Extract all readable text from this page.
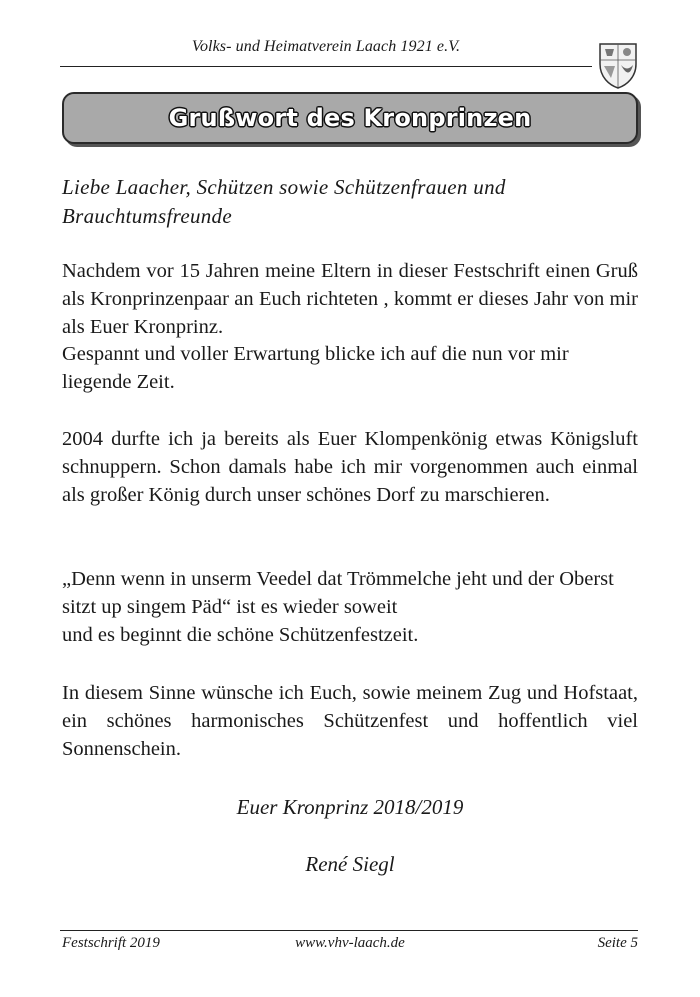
Volks- und Heimatverein Laach 1921 e.V.
Grußwort des Kronprinzen
Liebe Laacher, Schützen sowie Schützenfrauen und Brauchtumsfreunde
Nachdem vor 15 Jahren meine Eltern in dieser Festschrift einen Gruß als Kronprinzenpaar an Euch richteten , kommt er dieses Jahr von mir als Euer Kronprinz.
Gespannt und voller Erwartung blicke ich auf die nun vor mir liegende Zeit.
2004 durfte ich ja bereits als Euer Klompenkönig etwas Königsluft schnuppern. Schon damals habe ich mir vorgenommen auch einmal als großer König durch unser schönes Dorf zu marschieren.
„Denn wenn in unserm Veedel dat Trömmelche jeht und der Oberst sitzt up singem Päd“ ist es wieder soweit
und es beginnt die schöne Schützenfestzeit.
In diesem Sinne wünsche ich Euch, sowie meinem Zug und Hofstaat, ein schönes harmonisches Schützenfest und hoffentlich viel Sonnenschein.
Euer Kronprinz 2018/2019
René Siegl
Festschrift 2019	www.vhv-laach.de	Seite 5
